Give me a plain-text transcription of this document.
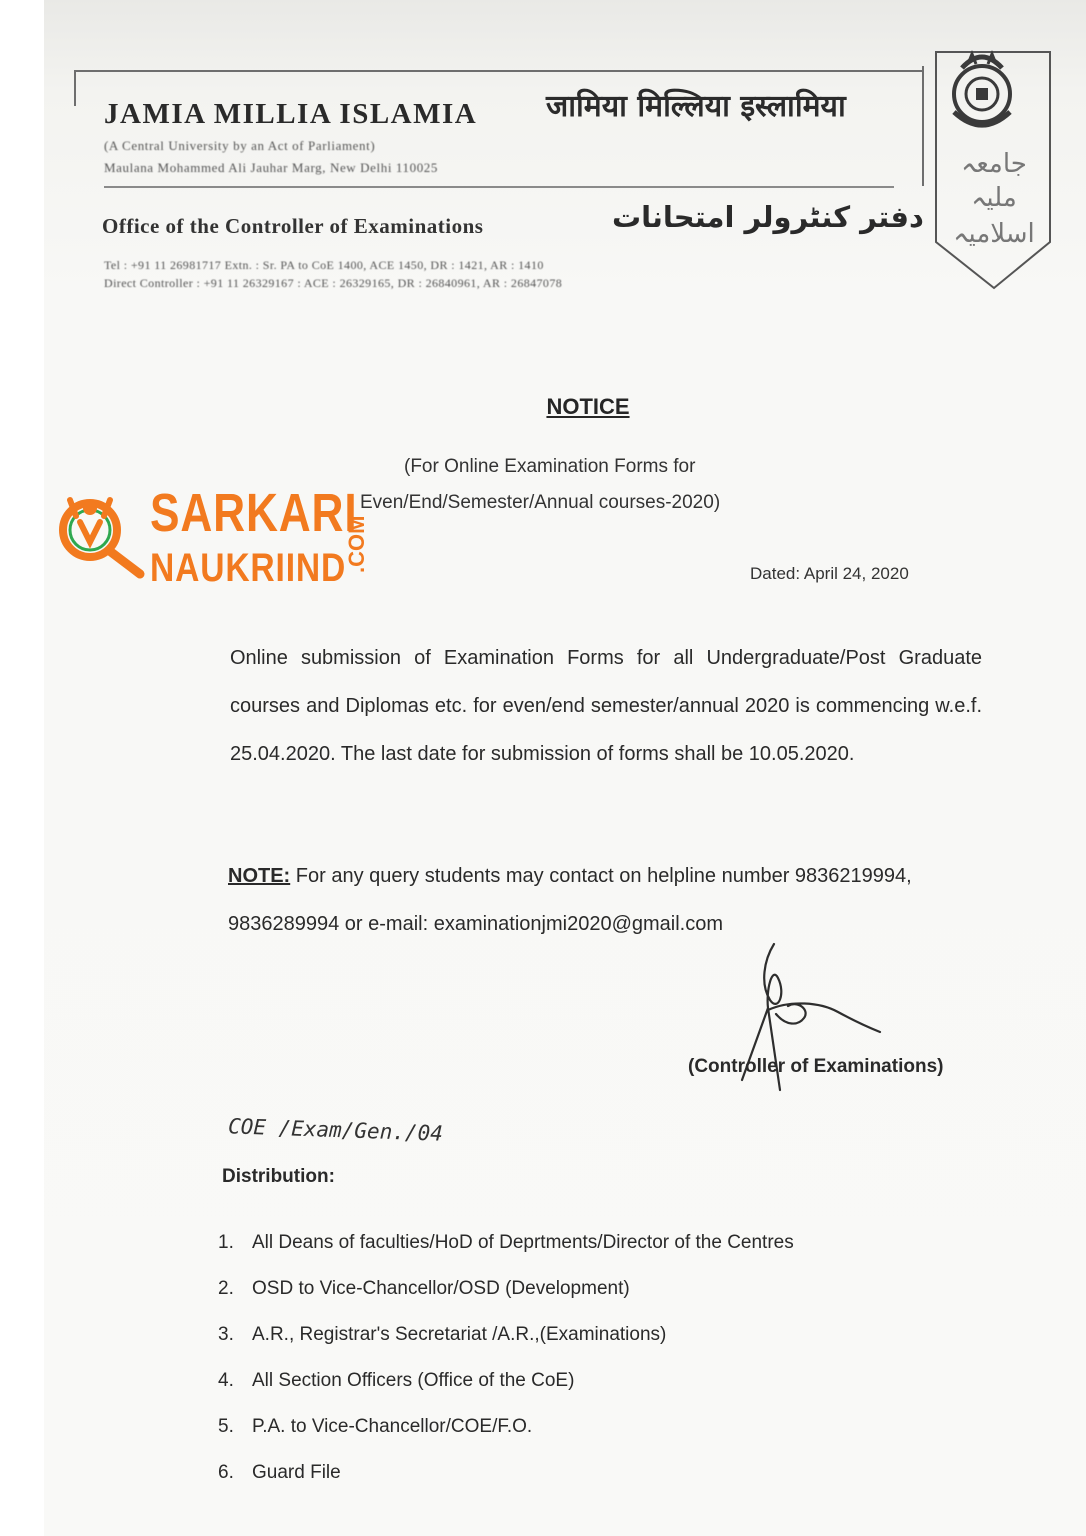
JAMIA MILLIA ISLAMIA जामिया मिल्लिया इस्लामिया
(A Central University by an Act of Parliament)
Maulana Mohammed Ali Jauhar Marg, New Delhi 110025
Office of the Controller of Examinations	دفتر کنٹرولر امتحانات
Tel : +91 11 26981717 Extn. : Sr. PA to CoE 1400, ACE 1450, DR : 1421, AR : 1410
Direct Controller : +91 11 26329167 : ACE : 26329165, DR : 26840961, AR : 26847078
جامعہ
ملیہ
اسلامیہ
NOTICE
(For Online Examination Forms for
Even/End/Semester/Annual courses-2020)
Dated: April 24, 2020
Online submission of Examination Forms for all Undergraduate/Post Graduate courses and Diplomas etc. for even/end semester/annual 2020 is commencing w.e.f. 25.04.2020. The last date for submission of forms shall be 10.05.2020.
NOTE: For any query students may contact on helpline number 9836219994, 9836289994 or e-mail: examinationjmi2020@gmail.com
(Controller of Examinations)
COE /Exam/Gen./04
Distribution:
1. All Deans of faculties/HoD of Deprtments/Director of the Centres
2. OSD to Vice-Chancellor/OSD (Development)
3. A.R., Registrar's Secretariat /A.R.,(Examinations)
4. All Section Officers (Office of the CoE)
5. P.A. to Vice-Chancellor/COE/F.O.
6. Guard File
SARKARI
NAUKRIIND
.COM
